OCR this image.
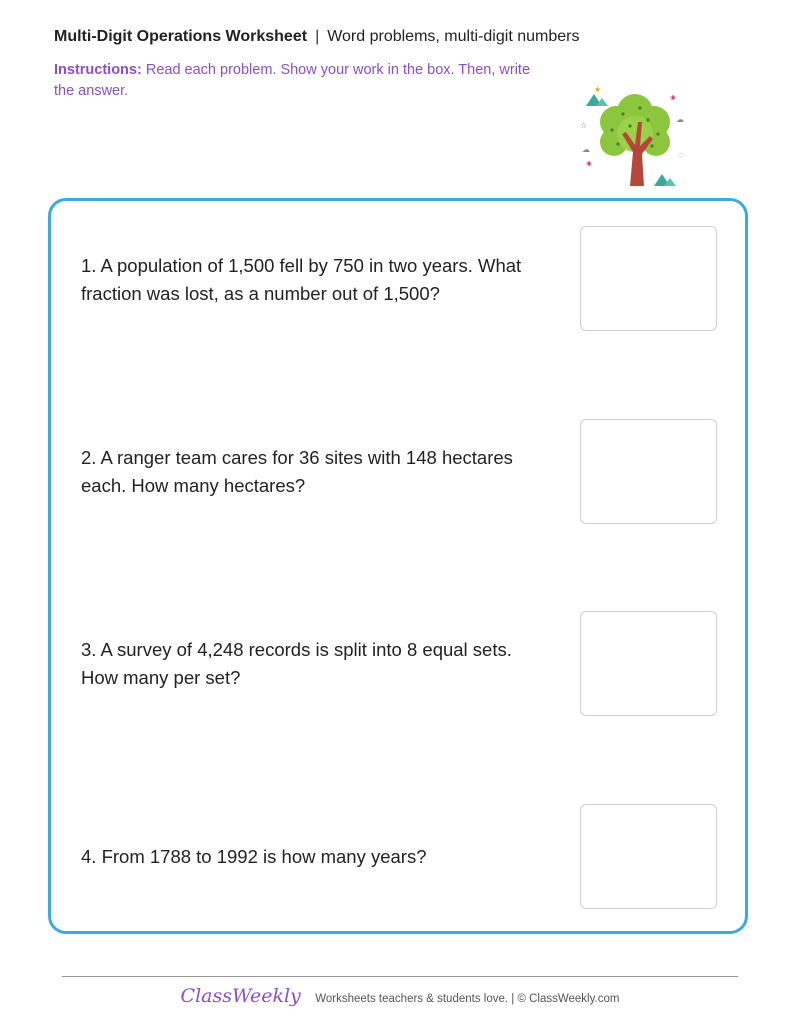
Multi-Digit Operations Worksheet | Word problems, multi-digit numbers
Instructions: Read each problem. Show your work in the box. Then, write the answer.
☆
☁
☁
♡
❀
❀
★
1. A population of 1,500 fell by 750 in two years. What fraction was lost, as a number out of 1,500?
2. A ranger team cares for 36 sites with 148 hectares each. How many hectares?
3. A survey of 4,248 records is split into 8 equal sets. How many per set?
4. From 1788 to 1992 is how many years?
ClassWeekly Worksheets teachers & students love. | © ClassWeekly.com
